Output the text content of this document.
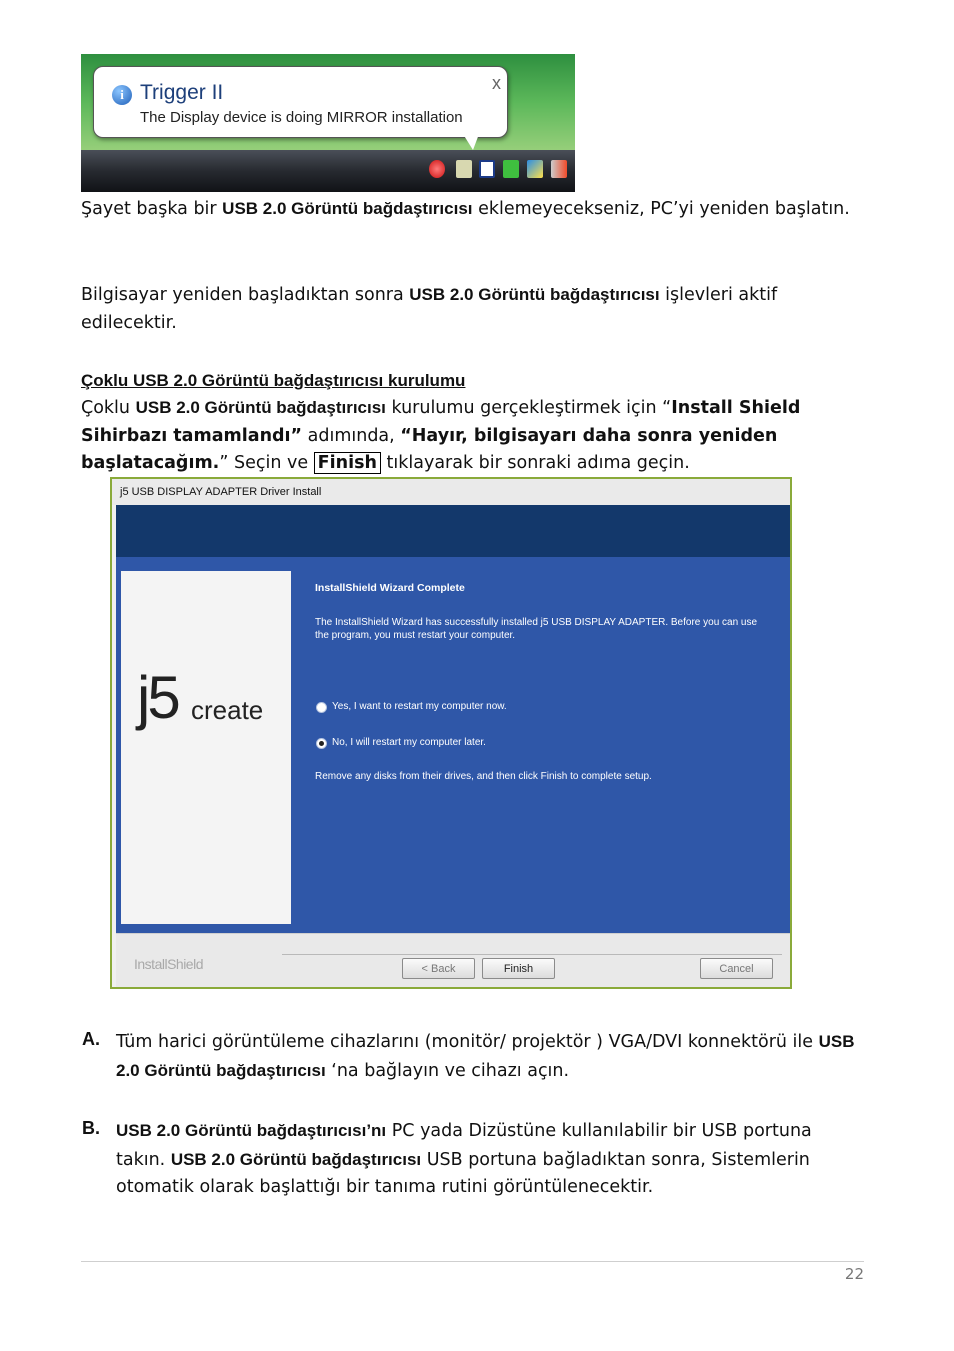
i Trigger II
The Display device is doing MIRROR installation
x

Şayet başka bir USB 2.0 Görüntü bağdaştırıcısı eklemeyecekseniz, PC’yi yeniden başlatın.

Bilgisayar yeniden başladıktan sonra USB 2.0 Görüntü bağdaştırıcısı işlevleri aktif edilecektir.

Çoklu USB 2.0 Görüntü bağdaştırıcısı kurulumu

Çoklu USB 2.0 Görüntü bağdaştırıcısı kurulumu gerçekleştirmek için “Install Shield Sihirbazı tamamlandı” adımında, “Hayır, bilgisayarı daha sonra yeniden başlatacağım.” Seçin ve Finish tıklayarak bir sonraki adıma geçin.

j5 USB DISPLAY ADAPTER Driver Install
j5 create
InstallShield Wizard Complete
The InstallShield Wizard has successfully installed j5 USB DISPLAY ADAPTER. Before you can use the program, you must restart your computer.
Yes, I want to restart my computer now.
No, I will restart my computer later.
Remove any disks from their drives, and then click Finish to complete setup.
InstallShield	< Back	Finish	Cancel
A. Tüm harici görüntüleme cihazlarını (monitör/ projektör ) VGA/DVI konnektörü ile USB 2.0 Görüntü bağdaştırıcısı ‘na bağlayın ve cihazı açın.

B. USB 2.0 Görüntü bağdaştırıcısı’nı PC yada Dizüstüne kullanılabilir bir USB portuna takın. USB 2.0 Görüntü bağdaştırıcısı USB portuna bağladıktan sonra, Sistemlerin otomatik olarak başlattığı bir tanıma rutini görüntülenecektir.

22
